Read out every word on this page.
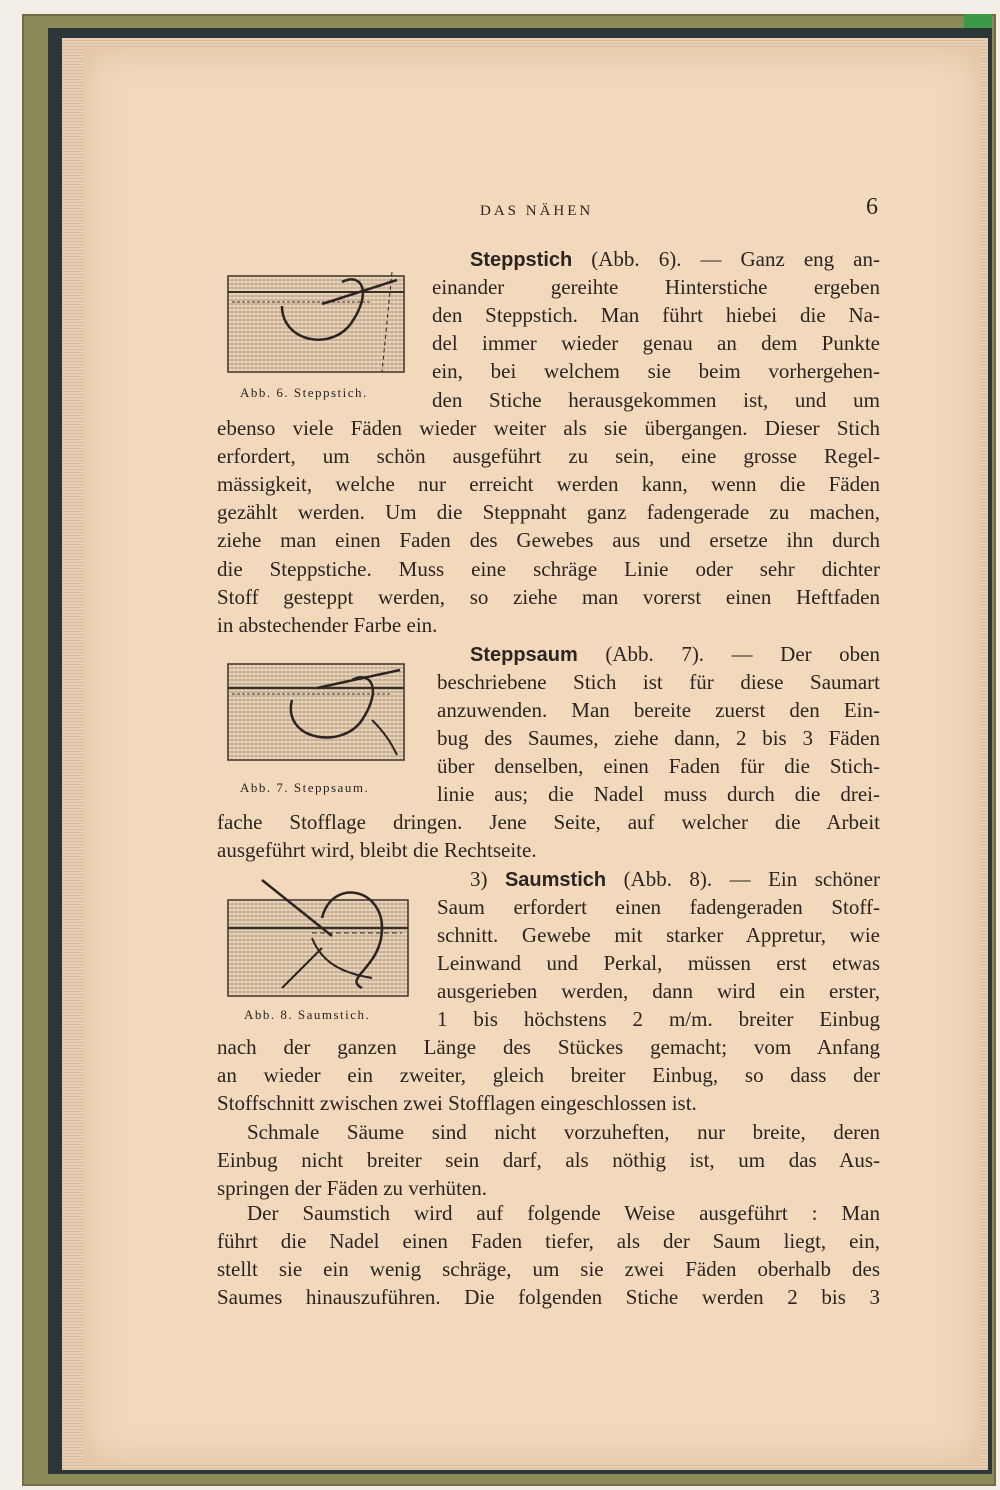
DAS NÄHEN	6
Abb. 6. Steppstich.
Abb. 7. Steppsaum.
Abb. 8. Saumstich.
Steppstich (Abb. 6). — Ganz eng an-
einander gereihte Hinterstiche ergeben
den Steppstich. Man führt hiebei die Na-
del immer wieder genau an dem Punkte
ein, bei welchem sie beim vorhergehen-
den Stiche herausgekommen ist, und um
ebenso viele Fäden wieder weiter als sie übergangen. Dieser Stich
erfordert, um schön ausgeführt zu sein, eine grosse Regel-
mässigkeit, welche nur erreicht werden kann, wenn die Fäden
gezählt werden. Um die Steppnaht ganz fadengerade zu machen,
ziehe man einen Faden des Gewebes aus und ersetze ihn durch
die Steppstiche. Muss eine schräge Linie oder sehr dichter
Stoff gesteppt werden, so ziehe man vorerst einen Heftfaden
in abstechender Farbe ein.
Steppsaum (Abb. 7). — Der oben
beschriebene Stich ist für diese Saumart
anzuwenden. Man bereite zuerst den Ein-
bug des Saumes, ziehe dann, 2 bis 3 Fäden
über denselben, einen Faden für die Stich-
linie aus; die Nadel muss durch die drei-
fache Stofflage dringen. Jene Seite, auf welcher die Arbeit
ausgeführt wird, bleibt die Rechtseite.
3) Saumstich (Abb. 8). — Ein schöner
Saum erfordert einen fadengeraden Stoff-
schnitt. Gewebe mit starker Appretur, wie
Leinwand und Perkal, müssen erst etwas
ausgerieben werden, dann wird ein erster,
1 bis höchstens 2 m/m. breiter Einbug
nach der ganzen Länge des Stückes gemacht; vom Anfang
an wieder ein zweiter, gleich breiter Einbug, so dass der
Stoffschnitt zwischen zwei Stofflagen eingeschlossen ist.
Schmale Säume sind nicht vorzuheften, nur breite, deren
Einbug nicht breiter sein darf, als nöthig ist, um das Aus-
springen der Fäden zu verhüten.
Der Saumstich wird auf folgende Weise ausgeführt : Man
führt die Nadel einen Faden tiefer, als der Saum liegt, ein,
stellt sie ein wenig schräge, um sie zwei Fäden oberhalb des
Saumes hinauszuführen. Die folgenden Stiche werden 2 bis 3
